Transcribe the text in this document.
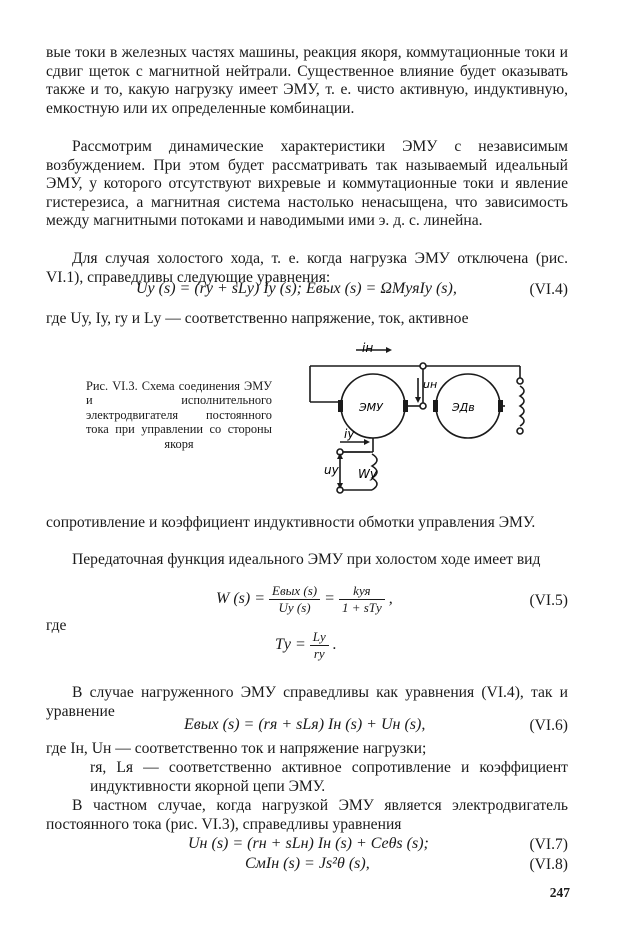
вые токи в железных частях машины, реакция якоря, коммутационные токи и сдвиг щеток с магнитной нейтрали. Существенное влияние будет оказывать также и то, какую нагрузку имеет ЭМУ, т. е. чисто активную, индуктивную, емкостную или их определенные комбинации.

Рассмотрим динамические характеристики ЭМУ с независимым возбуждением. При этом будет рассматривать так называемый идеальный ЭМУ, у которого отсутствуют вихревые и коммутационные токи и явление гистерезиса, а магнитная система настолько ненасыщена, что зависимость между магнитными потоками и наводимыми ими э. д. с. линейна.

Для случая холостого хода, т. е. когда нагрузка ЭМУ отключена (рис. VI.1), справедливы следующие уравнения:

Uу (s) = (rу + sLу) Iу (s); Eвых (s) = ΩMуяIу (s),	(VI.4)

где Uу, Iу, rу и Lу — соответственно напряжение, ток, активное

Рис. VI.3. Схема соединения ЭМУ и исполнительного электродвигателя постоянного тока при управлении со стороны якоря
iн
uн
ЭМУ	ЭДв
iу
uу Wу

сопротивление и коэффициент индуктивности обмотки управления ЭМУ.

Передаточная функция идеального ЭМУ при холостом ходе имеет вид

W $(s) = \frac{\text{Eвых (s)}}{Uу (s)} = \frac{\text{kуя}}{\text{1 + sTу}}$ ,	(VI.5)

где

Tу = $\frac{Lу}{rу}$ .

В случае нагруженного ЭМУ справедливы как уравнения (VI.4), так и уравнение

Eвых (s) = (rя + sLя) Iн (s) + Uн (s),	(VI.6)

где Iн, Uн — соответственно ток и напряжение нагрузки;

rя, Lя — соответственно активное сопротивление и коэффициент индуктивности якорной цепи ЭМУ.

В частном случае, когда нагрузкой ЭМУ является электродвигатель постоянного тока (рис. VI.3), справедливы уравнения

Uн (s) = (rн + sLн) Iн (s) + Ceθs (s);	(VI.7)
CмIн (s) = Js²θ (s),	(VI.8)
247
